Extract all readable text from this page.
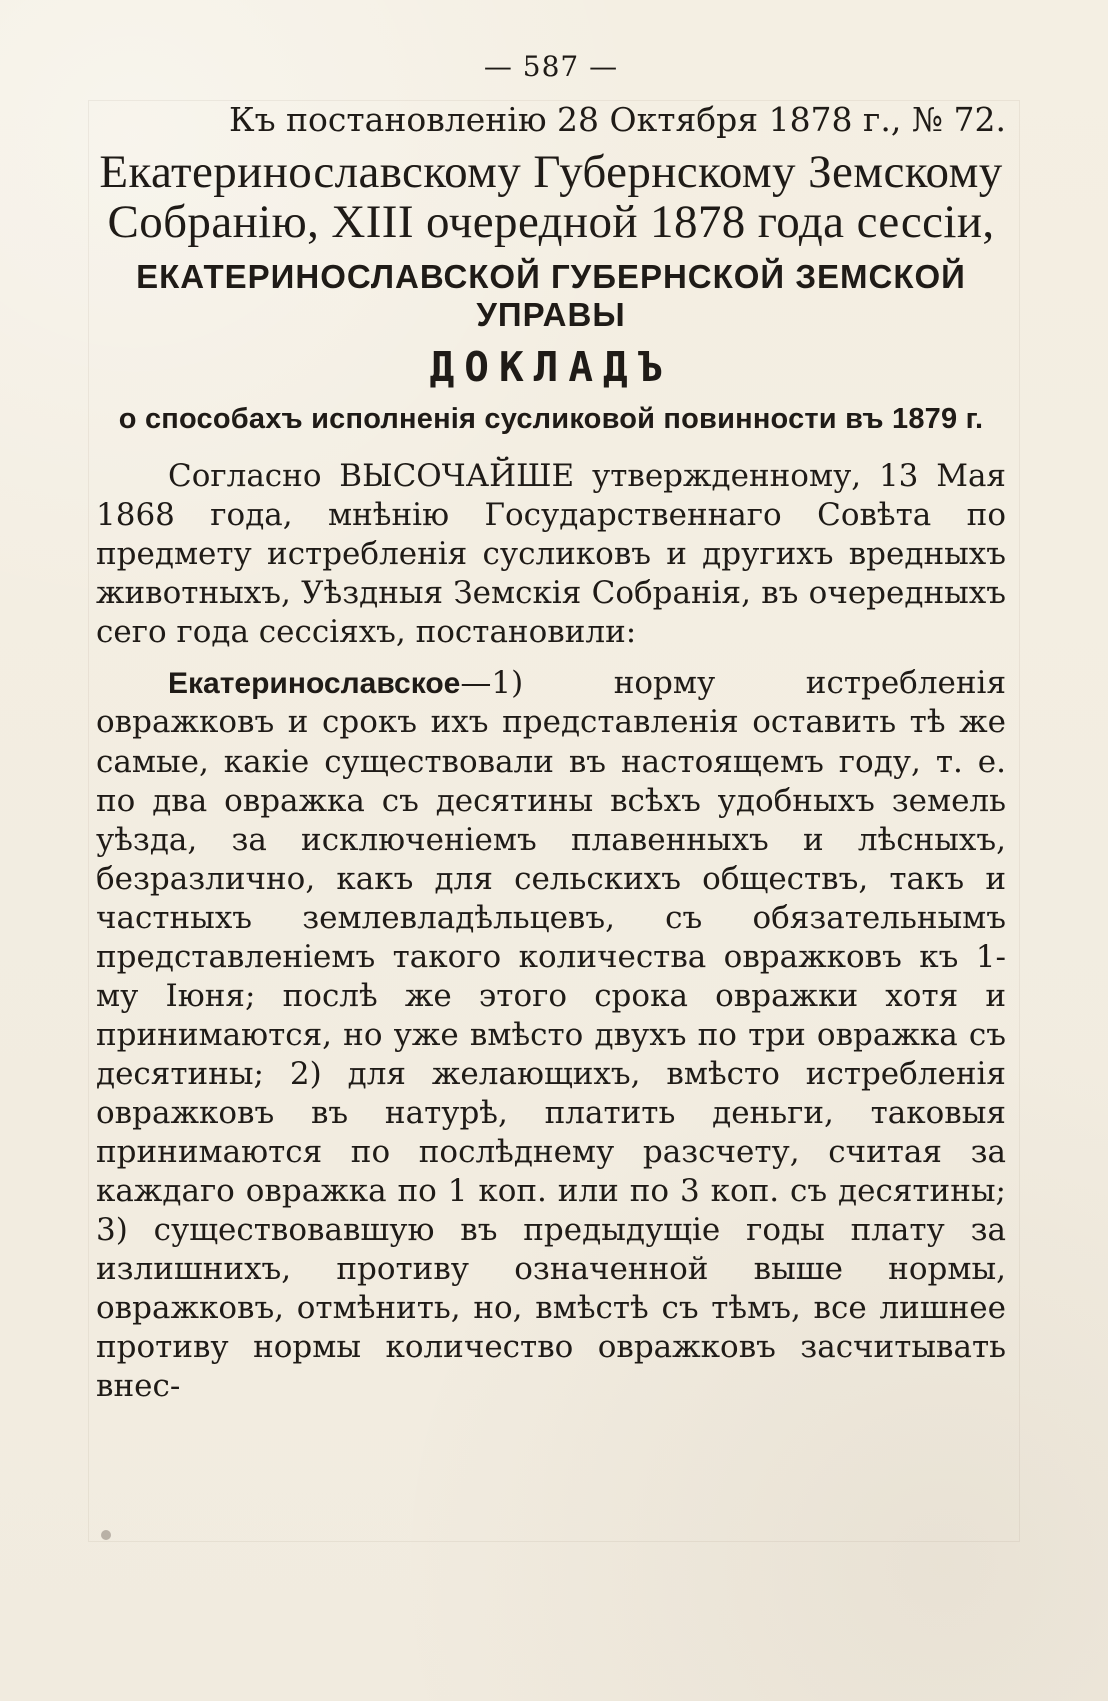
— 587 —
Къ постановленію 28 Октября 1878 г., № 72.
Екатеринославскому Губернскому Земскому Собранію, XIII очередной 1878 года сессіи,
ЕКАТЕРИНОСЛАВСКОЙ ГУБЕРНСКОЙ ЗЕМСКОЙ УПРАВЫ
ДОКЛАДЪ
о способахъ исполненія сусликовой повинности въ 1879 г.

Согласно ВЫСОЧАЙШЕ утвержденному, 13 Мая 1868 года, мнѣнію Государственнаго Совѣта по предмету истребленія сусликовъ и другихъ вредныхъ животныхъ, Уѣздныя Земскія Собранія, въ очередныхъ сего года сессіяхъ, постановили:

Екатеринославское—1) норму истребленія овражковъ и срокъ ихъ представленія оставить тѣ же самые, какіе существовали въ настоящемъ году, т. е. по два овражка съ десятины всѣхъ удобныхъ земель уѣзда, за исключеніемъ плавенныхъ и лѣсныхъ, безразлично, какъ для сельскихъ обществъ, такъ и частныхъ землевладѣльцевъ, съ обязательнымъ представленіемъ такого количества овражковъ къ 1-му Іюня; послѣ же этого срока овражки хотя и принимаются, но уже вмѣсто двухъ по три овражка съ десятины; 2) для желающихъ, вмѣсто истребленія овражковъ въ натурѣ, платить деньги, таковыя принимаются по послѣднему разсчету, считая за каждаго овражка по 1 коп. или по 3 коп. съ десятины; 3) существовавшую въ предыдущіе годы плату за излишнихъ, противу означенной выше нормы, овражковъ, отмѣнить, но, вмѣстѣ съ тѣмъ, все лишнее противу нормы количество овражковъ засчитывать внес-
